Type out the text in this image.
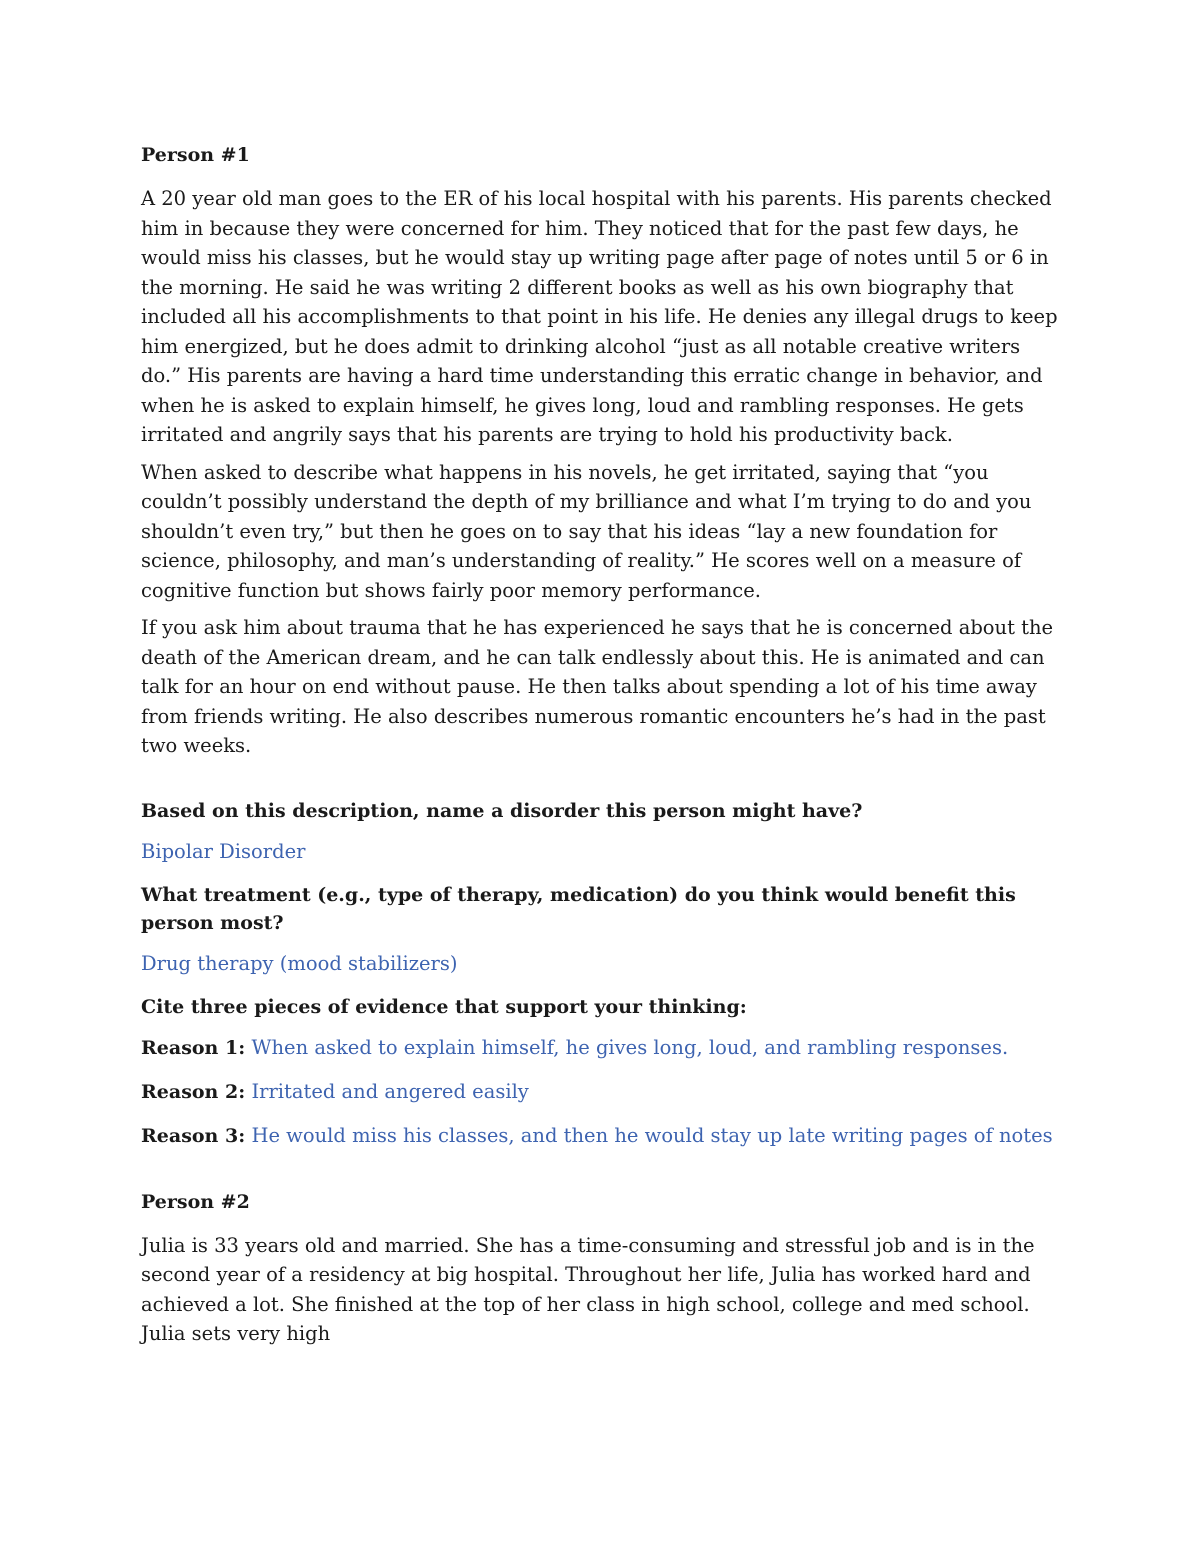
Person #1

A 20 year old man goes to the ER of his local hospital with his parents. His parents checked him in because they were concerned for him. They noticed that for the past few days, he would miss his classes, but he would stay up writing page after page of notes until 5 or 6 in the morning. He said he was writing 2 different books as well as his own biography that included all his accomplishments to that point in his life. He denies any illegal drugs to keep him energized, but he does admit to drinking alcohol “just as all notable creative writers do.” His parents are having a hard time understanding this erratic change in behavior, and when he is asked to explain himself, he gives long, loud and rambling responses. He gets irritated and angrily says that his parents are trying to hold his productivity back.

When asked to describe what happens in his novels, he get irritated, saying that “you couldn’t possibly understand the depth of my brilliance and what I’m trying to do and you shouldn’t even try,” but then he goes on to say that his ideas “lay a new foundation for science, philosophy, and man’s understanding of reality.” He scores well on a measure of cognitive function but shows fairly poor memory performance.

If you ask him about trauma that he has experienced he says that he is concerned about the death of the American dream, and he can talk endlessly about this. He is animated and can talk for an hour on end without pause. He then talks about spending a lot of his time away from friends writing. He also describes numerous romantic encounters he’s had in the past two weeks.

Based on this description, name a disorder this person might have?
Bipolar Disorder
What treatment (e.g., type of therapy, medication) do you think would benefit this person most?
Drug therapy (mood stabilizers)
Cite three pieces of evidence that support your thinking:
Reason 1: When asked to explain himself, he gives long, loud, and rambling responses.
Reason 2: Irritated and angered easily
Reason 3: He would miss his classes, and then he would stay up late writing pages of notes
Person #2

Julia is 33 years old and married. She has a time-consuming and stressful job and is in the second year of a residency at big hospital. Throughout her life, Julia has worked hard and achieved a lot. She finished at the top of her class in high school, college and med school. Julia sets very high
